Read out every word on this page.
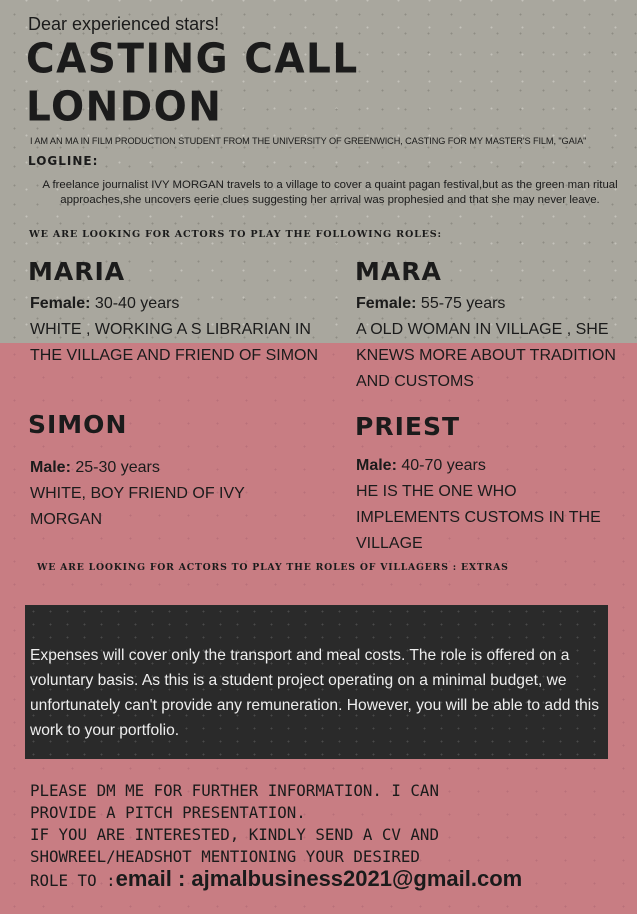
Dear experienced stars!

CASTING CALL
LONDON

I AM AN MA IN FILM PRODUCTION STUDENT FROM THE UNIVERSITY OF GREENWICH, CASTING FOR MY MASTER'S FILM, "GAIA"

LOGLINE:

A freelance journalist IVY MORGAN travels to a village to cover a quaint pagan festival,but as the green man ritual approaches,she uncovers eerie clues suggesting her arrival was prophesied and that she may never leave.

WE ARE LOOKING FOR ACTORS TO PLAY THE FOLLOWING ROLES:

MARIA
Female: 30-40 years
WHITE , WORKING A S LIBRARIAN IN THE VILLAGE AND FRIEND OF SIMON
MARA
Female: 55-75 years
A OLD WOMAN IN VILLAGE , SHE KNEWS MORE ABOUT TRADITION AND CUSTOMS
SIMON
Male: 25-30 years
WHITE, BOY FRIEND OF IVY MORGAN
PRIEST
Male: 40-70 years
HE IS THE ONE WHO IMPLEMENTS CUSTOMS IN THE VILLAGE

WE ARE LOOKING FOR ACTORS TO PLAY THE ROLES OF VILLAGERS : EXTRAS

Expenses will cover only the transport and meal costs. The role is offered on a voluntary basis. As this is a student project operating on a minimal budget, we unfortunately can't provide any remuneration. However, you will be able to add this work to your portfolio.

PLEASE DM ME FOR FURTHER INFORMATION. I CAN
PROVIDE A PITCH PRESENTATION.
IF YOU ARE INTERESTED, KINDLY SEND A CV AND
SHOWREEL/HEADSHOT MENTIONING YOUR DESIRED
ROLE TO :email : ajmalbusiness2021@gmail.com
